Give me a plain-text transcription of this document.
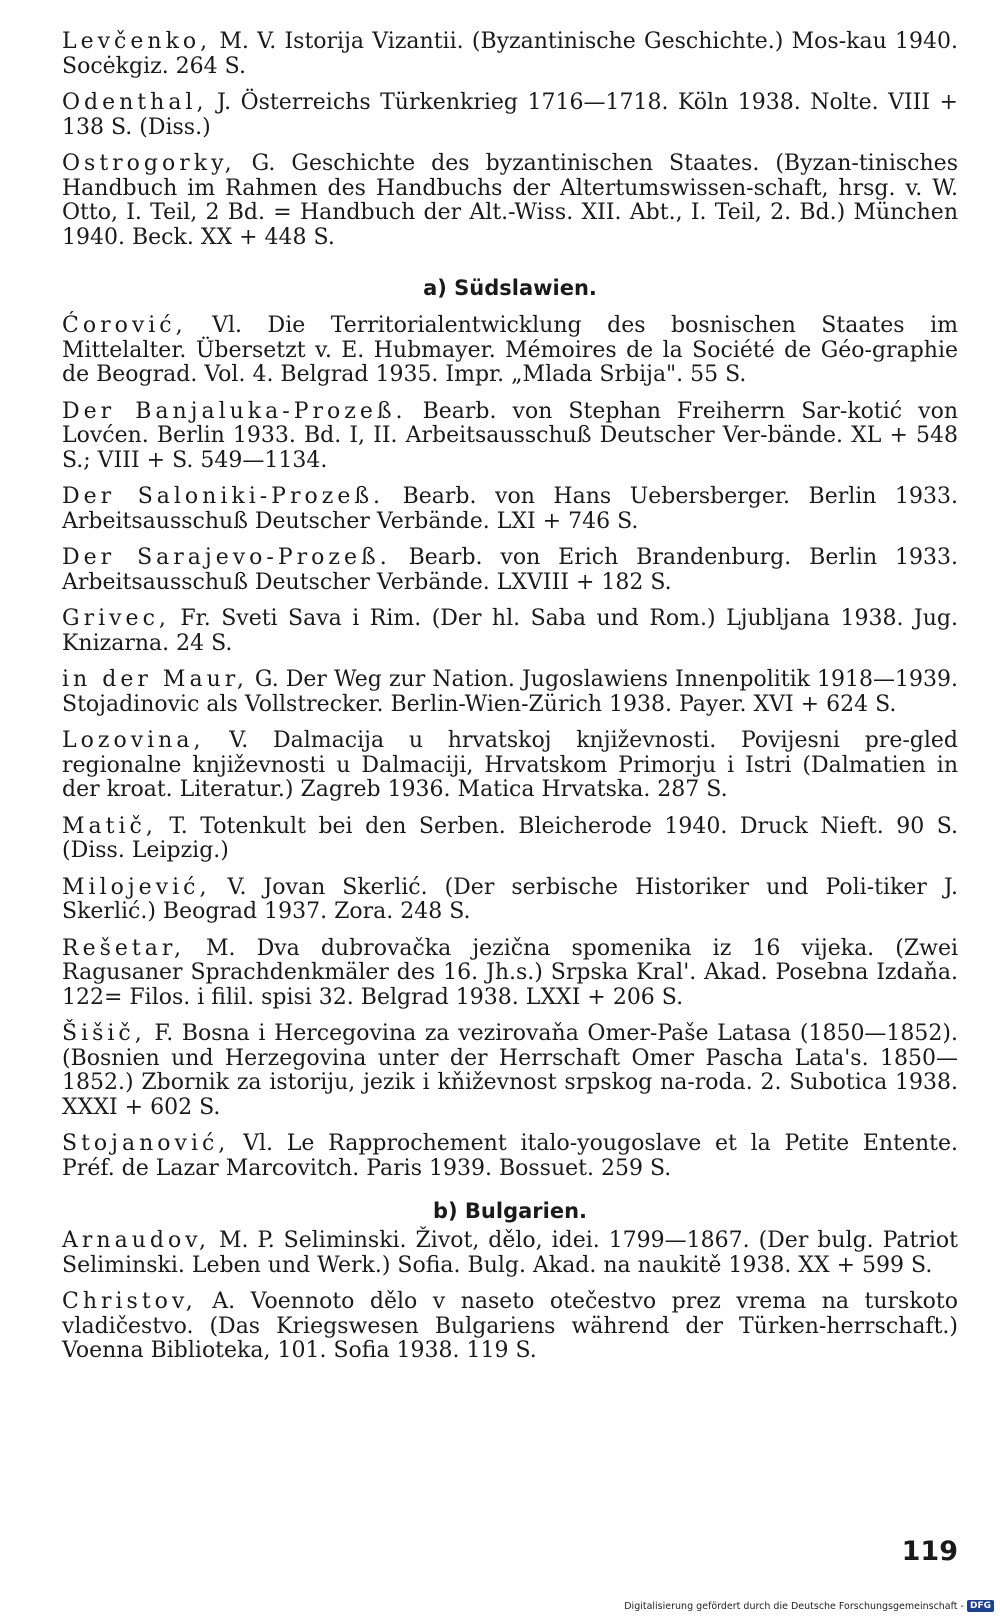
Levčenko, M. V. Istorija Vizantii. (Byzantinische Geschichte.) Mos-kau 1940. Socėkgiz. 264 S.

Odenthal, J. Österreichs Türkenkrieg 1716—1718. Köln 1938. Nolte. VIII + 138 S. (Diss.)

Ostrogorky, G. Geschichte des byzantinischen Staates. (Byzan-tinisches Handbuch im Rahmen des Handbuchs der Altertumswissen-schaft, hrsg. v. W. Otto, I. Teil, 2 Bd. = Handbuch der Alt.-Wiss. XII. Abt., I. Teil, 2. Bd.) München 1940. Beck. XX + 448 S.

a) Südslawien.

Ćorović, Vl. Die Territorialentwicklung des bosnischen Staates im Mittelalter. Übersetzt v. E. Hubmayer. Mémoires de la Société de Géo-graphie de Beograd. Vol. 4. Belgrad 1935. Impr. „Mlada Srbija". 55 S.

Der Banjaluka-Prozeß. Bearb. von Stephan Freiherrn Sar-kotić von Lovćen. Berlin 1933. Bd. I, II. Arbeitsausschuß Deutscher Ver-bände. XL + 548 S.; VIII + S. 549—1134.

Der Saloniki-Prozeß. Bearb. von Hans Uebersberger. Berlin 1933. Arbeitsausschuß Deutscher Verbände. LXI + 746 S.

Der Sarajevo-Prozeß. Bearb. von Erich Brandenburg. Berlin 1933. Arbeitsausschuß Deutscher Verbände. LXVIII + 182 S.

Grivec, Fr. Sveti Sava i Rim. (Der hl. Saba und Rom.) Ljubljana 1938. Jug. Knizarna. 24 S.

in der Maur, G. Der Weg zur Nation. Jugoslawiens Innenpolitik 1918—1939. Stojadinovic als Vollstrecker. Berlin-Wien-Zürich 1938. Payer. XVI + 624 S.

Lozovina, V. Dalmacija u hrvatskoj književnosti. Povijesni pre-gled regionalne književnosti u Dalmaciji, Hrvatskom Primorju i Istri (Dalmatien in der kroat. Literatur.) Zagreb 1936. Matica Hrvatska. 287 S.

Matič, T. Totenkult bei den Serben. Bleicherode 1940. Druck Nieft. 90 S. (Diss. Leipzig.)

Milojević, V. Jovan Skerlić. (Der serbische Historiker und Poli-tiker J. Skerlić.) Beograd 1937. Zora. 248 S.

Rešetar, M. Dva dubrovačka jezična spomenika iz 16 vijeka. (Zwei Ragusaner Sprachdenkmäler des 16. Jh.s.) Srpska Kral'. Akad. Posebna Izdaňa. 122= Filos. i filil. spisi 32. Belgrad 1938. LXXI + 206 S.

Šišič, F. Bosna i Hercegovina za vezirovaňa Omer-Paše Latasa (1850—1852). (Bosnien und Herzegovina unter der Herrschaft Omer Pascha Lata's. 1850—1852.) Zbornik za istoriju, jezik i kňiževnost srpskog na-roda. 2. Subotica 1938. XXXI + 602 S.

Stojanović, Vl. Le Rapprochement italo-yougoslave et la Petite Entente. Préf. de Lazar Marcovitch. Paris 1939. Bossuet. 259 S.

b) Bulgarien.

Arnaudov, M. P. Seliminski. Život, dělo, idei. 1799—1867. (Der bulg. Patriot Seliminski. Leben und Werk.) Sofia. Bulg. Akad. na naukitě 1938. XX + 599 S.

Christov, A. Voennoto dělo v naseto otečestvo prez vrema na turskoto vladičestvo. (Das Kriegswesen Bulgariens während der Türken-herrschaft.) Voenna Biblioteka, 101. Sofia 1938. 119 S.

119
Digitalisierung gefördert durch die Deutsche Forschungsgemeinschaft - DFG
